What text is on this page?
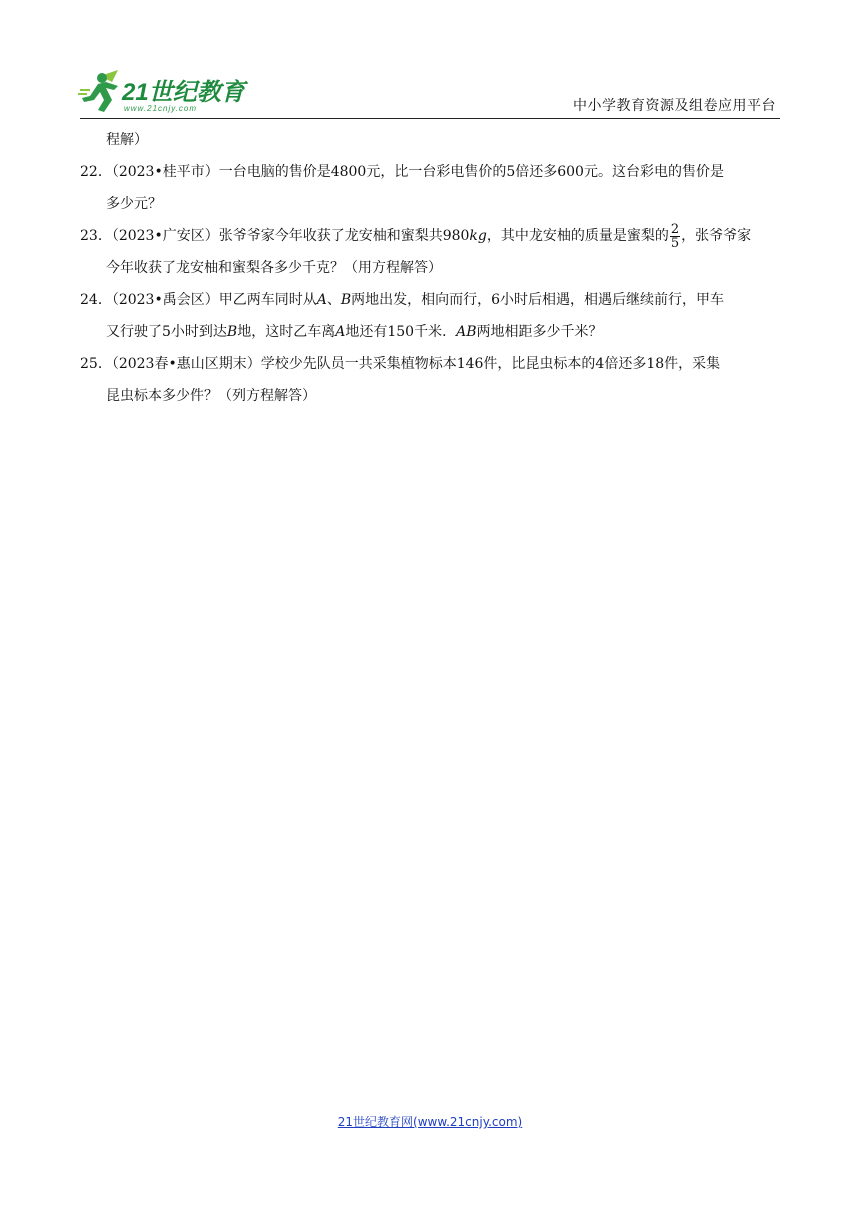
21世纪教育
www.21cnjy.com	中小学教育资源及组卷应用平台
程解）
22．（2023•桂平市）一台电脑的售价是4800元，比一台彩电售价的5倍还多600元。这台彩电的售价是
多少元？
23．（2023•广安区）张爷爷家今年收获了龙安柚和蜜梨共980kg，其中龙安柚的质量是蜜梨的 $\frac{2}{5}$ ，张爷爷家
今年收获了龙安柚和蜜梨各多少千克？（用方程解答）
24．（2023•禹会区）甲乙两车同时从A、B两地出发，相向而行，6小时后相遇，相遇后继续前行，甲车
又行驶了5小时到达B地，这时乙车离A地还有150千米．AB两地相距多少千米？
25．（2023春•惠山区期末）学校少先队员一共采集植物标本146件，比昆虫标本的4倍还多18件，采集
昆虫标本多少件？（列方程解答）
21世纪教育网(www.21cnjy.com)
